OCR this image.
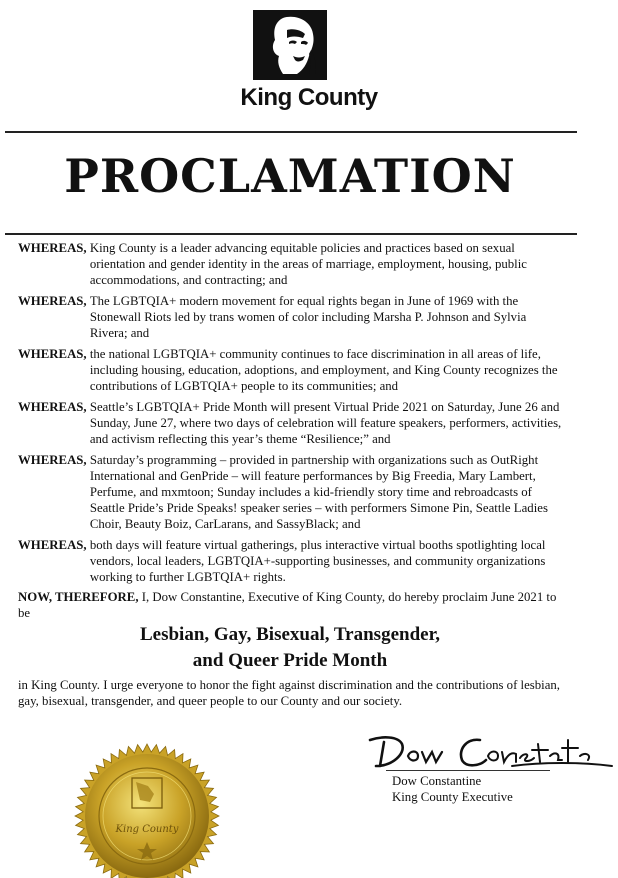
King County
PROCLAMATION
WHEREAS,
King County is a leader advancing equitable policies and practices based on sexual orientation and gender identity in the areas of marriage, employment, housing, public accommodations, and contracting; and
WHEREAS,
The LGBTQIA+ modern movement for equal rights began in June of 1969 with the Stonewall Riots led by trans women of color including Marsha P. Johnson and Sylvia Rivera; and
WHEREAS,
the national LGBTQIA+ community continues to face discrimination in all areas of life, including housing, education, adoptions, and employment, and King County recognizes the contributions of LGBTQIA+ people to its communities; and
WHEREAS,
Seattle’s LGBTQIA+ Pride Month will present Virtual Pride 2021 on Saturday, June 26 and Sunday, June 27, where two days of celebration will feature speakers, performers, activities, and activism reflecting this year’s theme “Resilience;” and
WHEREAS,
Saturday’s programming – provided in partnership with organizations such as OutRight International and GenPride – will feature performances by Big Freedia, Mary Lambert, Perfume, and mxmtoon; Sunday includes a kid-friendly story time and rebroadcasts of Seattle Pride’s Pride Speaks! speaker series – with performers Simone Pin, Seattle Ladies Choir, Beauty Boiz, CarLarans, and SassyBlack; and
WHEREAS,
both days will feature virtual gatherings, plus interactive virtual booths spotlighting local vendors, local leaders, LGBTQIA+-supporting businesses, and community organizations working to further LGBTQIA+ rights.
NOW, THEREFORE, I, Dow Constantine, Executive of King County, do hereby proclaim June 2021 to be
Lesbian, Gay, Bisexual, Transgender,
and Queer Pride Month
in King County. I urge everyone to honor the fight against discrimination and the contributions of lesbian, gay, bisexual, transgender, and queer people to our County and our society.
King County
Dow Constantine
King County Executive
